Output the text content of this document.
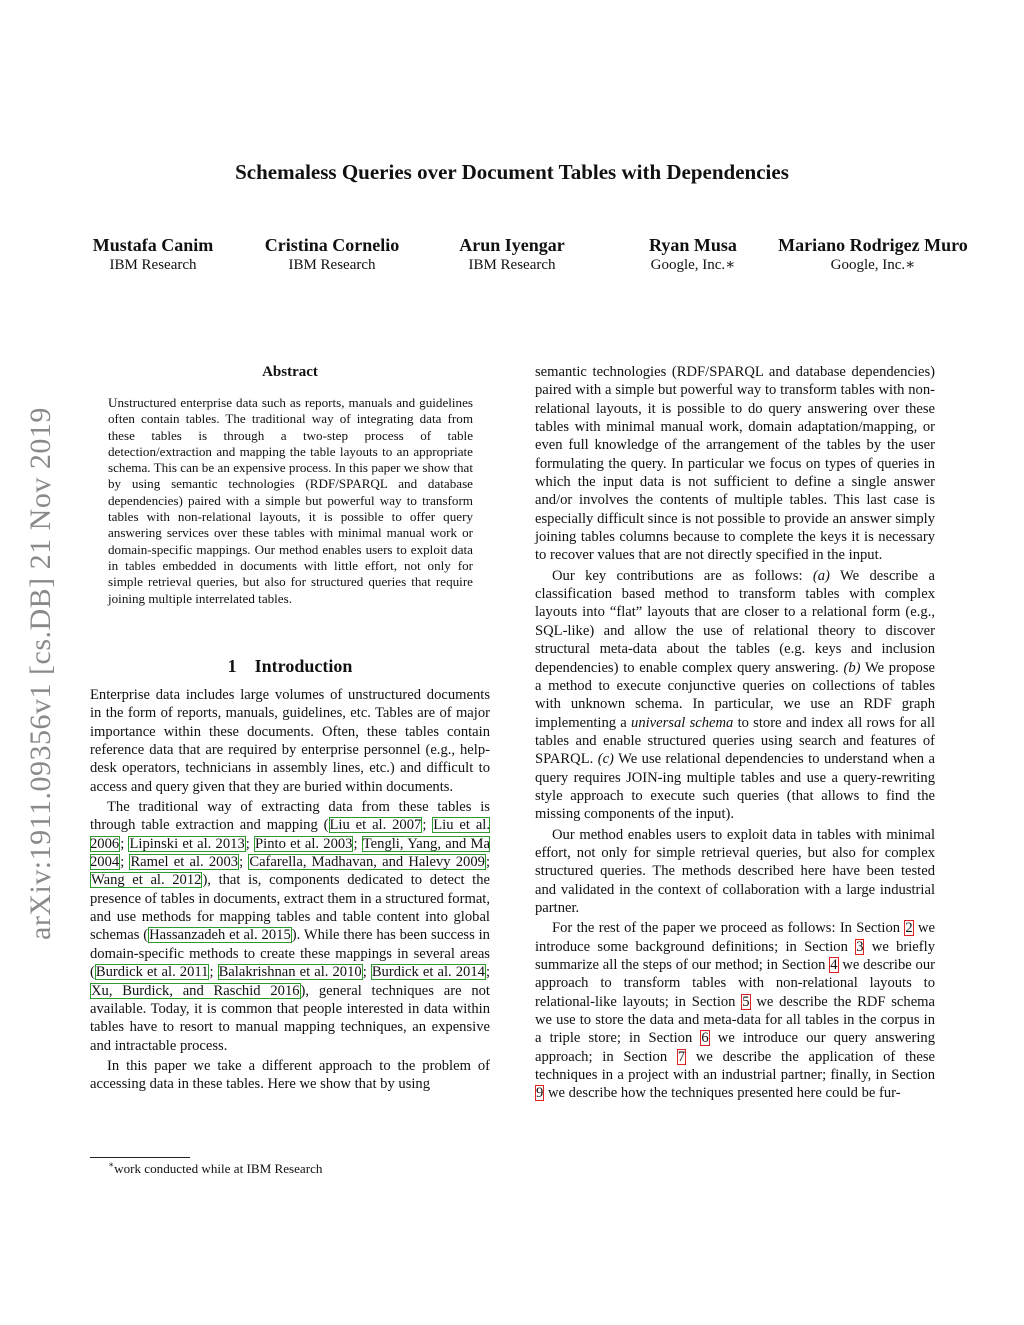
arXiv:1911.09356v1 [cs.DB] 21 Nov 2019
Schemaless Queries over Document Tables with Dependencies
Mustafa Canim
IBM Research
Cristina Cornelio
IBM Research
Arun Iyengar
IBM Research
Ryan Musa
Google, Inc.∗
Mariano Rodrigez Muro
Google, Inc.∗
Abstract
Unstructured enterprise data such as reports, manuals and guidelines often contain tables. The traditional way of integrating data from these tables is through a two-step process of table detection/extraction and mapping the table layouts to an appropriate schema. This can be an expensive process. In this paper we show that by using semantic technologies (RDF/SPARQL and database dependencies) paired with a simple but powerful way to transform tables with non-relational layouts, it is possible to offer query answering services over these tables with minimal manual work or domain-specific mappings. Our method enables users to exploit data in tables embedded in documents with little effort, not only for simple retrieval queries, but also for structured queries that require joining multiple interrelated tables.
1 Introduction

Enterprise data includes large volumes of unstructured documents in the form of reports, manuals, guidelines, etc. Tables are of major importance within these documents. Often, these tables contain reference data that are required by enterprise personnel (e.g., help-desk operators, technicians in assembly lines, etc.) and difficult to access and query given that they are buried within documents.

The traditional way of extracting data from these tables is through table extraction and mapping (Liu et al. 2007; Liu et al. 2006; Lipinski et al. 2013; Pinto et al. 2003; Tengli, Yang, and Ma 2004; Ramel et al. 2003; Cafarella, Madhavan, and Halevy 2009; Wang et al. 2012), that is, components dedicated to detect the presence of tables in documents, extract them in a structured format, and use methods for mapping tables and table content into global schemas (Hassanzadeh et al. 2015). While there has been success in domain-specific methods to create these mappings in several areas (Burdick et al. 2011; Balakrishnan et al. 2010; Burdick et al. 2014; Xu, Burdick, and Raschid 2016), general techniques are not available. Today, it is common that people interested in data within tables have to resort to manual mapping techniques, an expensive and intractable process.

In this paper we take a different approach to the problem of accessing data in these tables. Here we show that by using

∗work conducted while at IBM Research

semantic technologies (RDF/SPARQL and database dependencies) paired with a simple but powerful way to transform tables with non-relational layouts, it is possible to do query answering over these tables with minimal manual work, domain adaptation/mapping, or even full knowledge of the arrangement of the tables by the user formulating the query. In particular we focus on types of queries in which the input data is not sufficient to define a single answer and/or involves the contents of multiple tables. This last case is especially difficult since is not possible to provide an answer simply joining tables columns because to complete the keys it is necessary to recover values that are not directly specified in the input.

Our key contributions are as follows: (a) We describe a classification based method to transform tables with complex layouts into “flat” layouts that are closer to a relational form (e.g., SQL-like) and allow the use of relational theory to discover structural meta-data about the tables (e.g. keys and inclusion dependencies) to enable complex query answering. (b) We propose a method to execute conjunctive queries on collections of tables with unknown schema. In particular, we use an RDF graph implementing a universal schema to store and index all rows for all tables and enable structured queries using search and features of SPARQL. (c) We use relational dependencies to understand when a query requires JOIN-ing multiple tables and use a query-rewriting style approach to execute such queries (that allows to find the missing components of the input).

Our method enables users to exploit data in tables with minimal effort, not only for simple retrieval queries, but also for complex structured queries. The methods described here have been tested and validated in the context of collaboration with a large industrial partner.

For the rest of the paper we proceed as follows: In Section 2 we introduce some background definitions; in Section 3 we briefly summarize all the steps of our method; in Section 4 we describe our approach to transform tables with non-relational layouts to relational-like layouts; in Section 5 we describe the RDF schema we use to store the data and meta-data for all tables in the corpus in a triple store; in Section 6 we introduce our query answering approach; in Section 7 we describe the application of these techniques in a project with an industrial partner; finally, in Section 9 we describe how the techniques presented here could be fur-
